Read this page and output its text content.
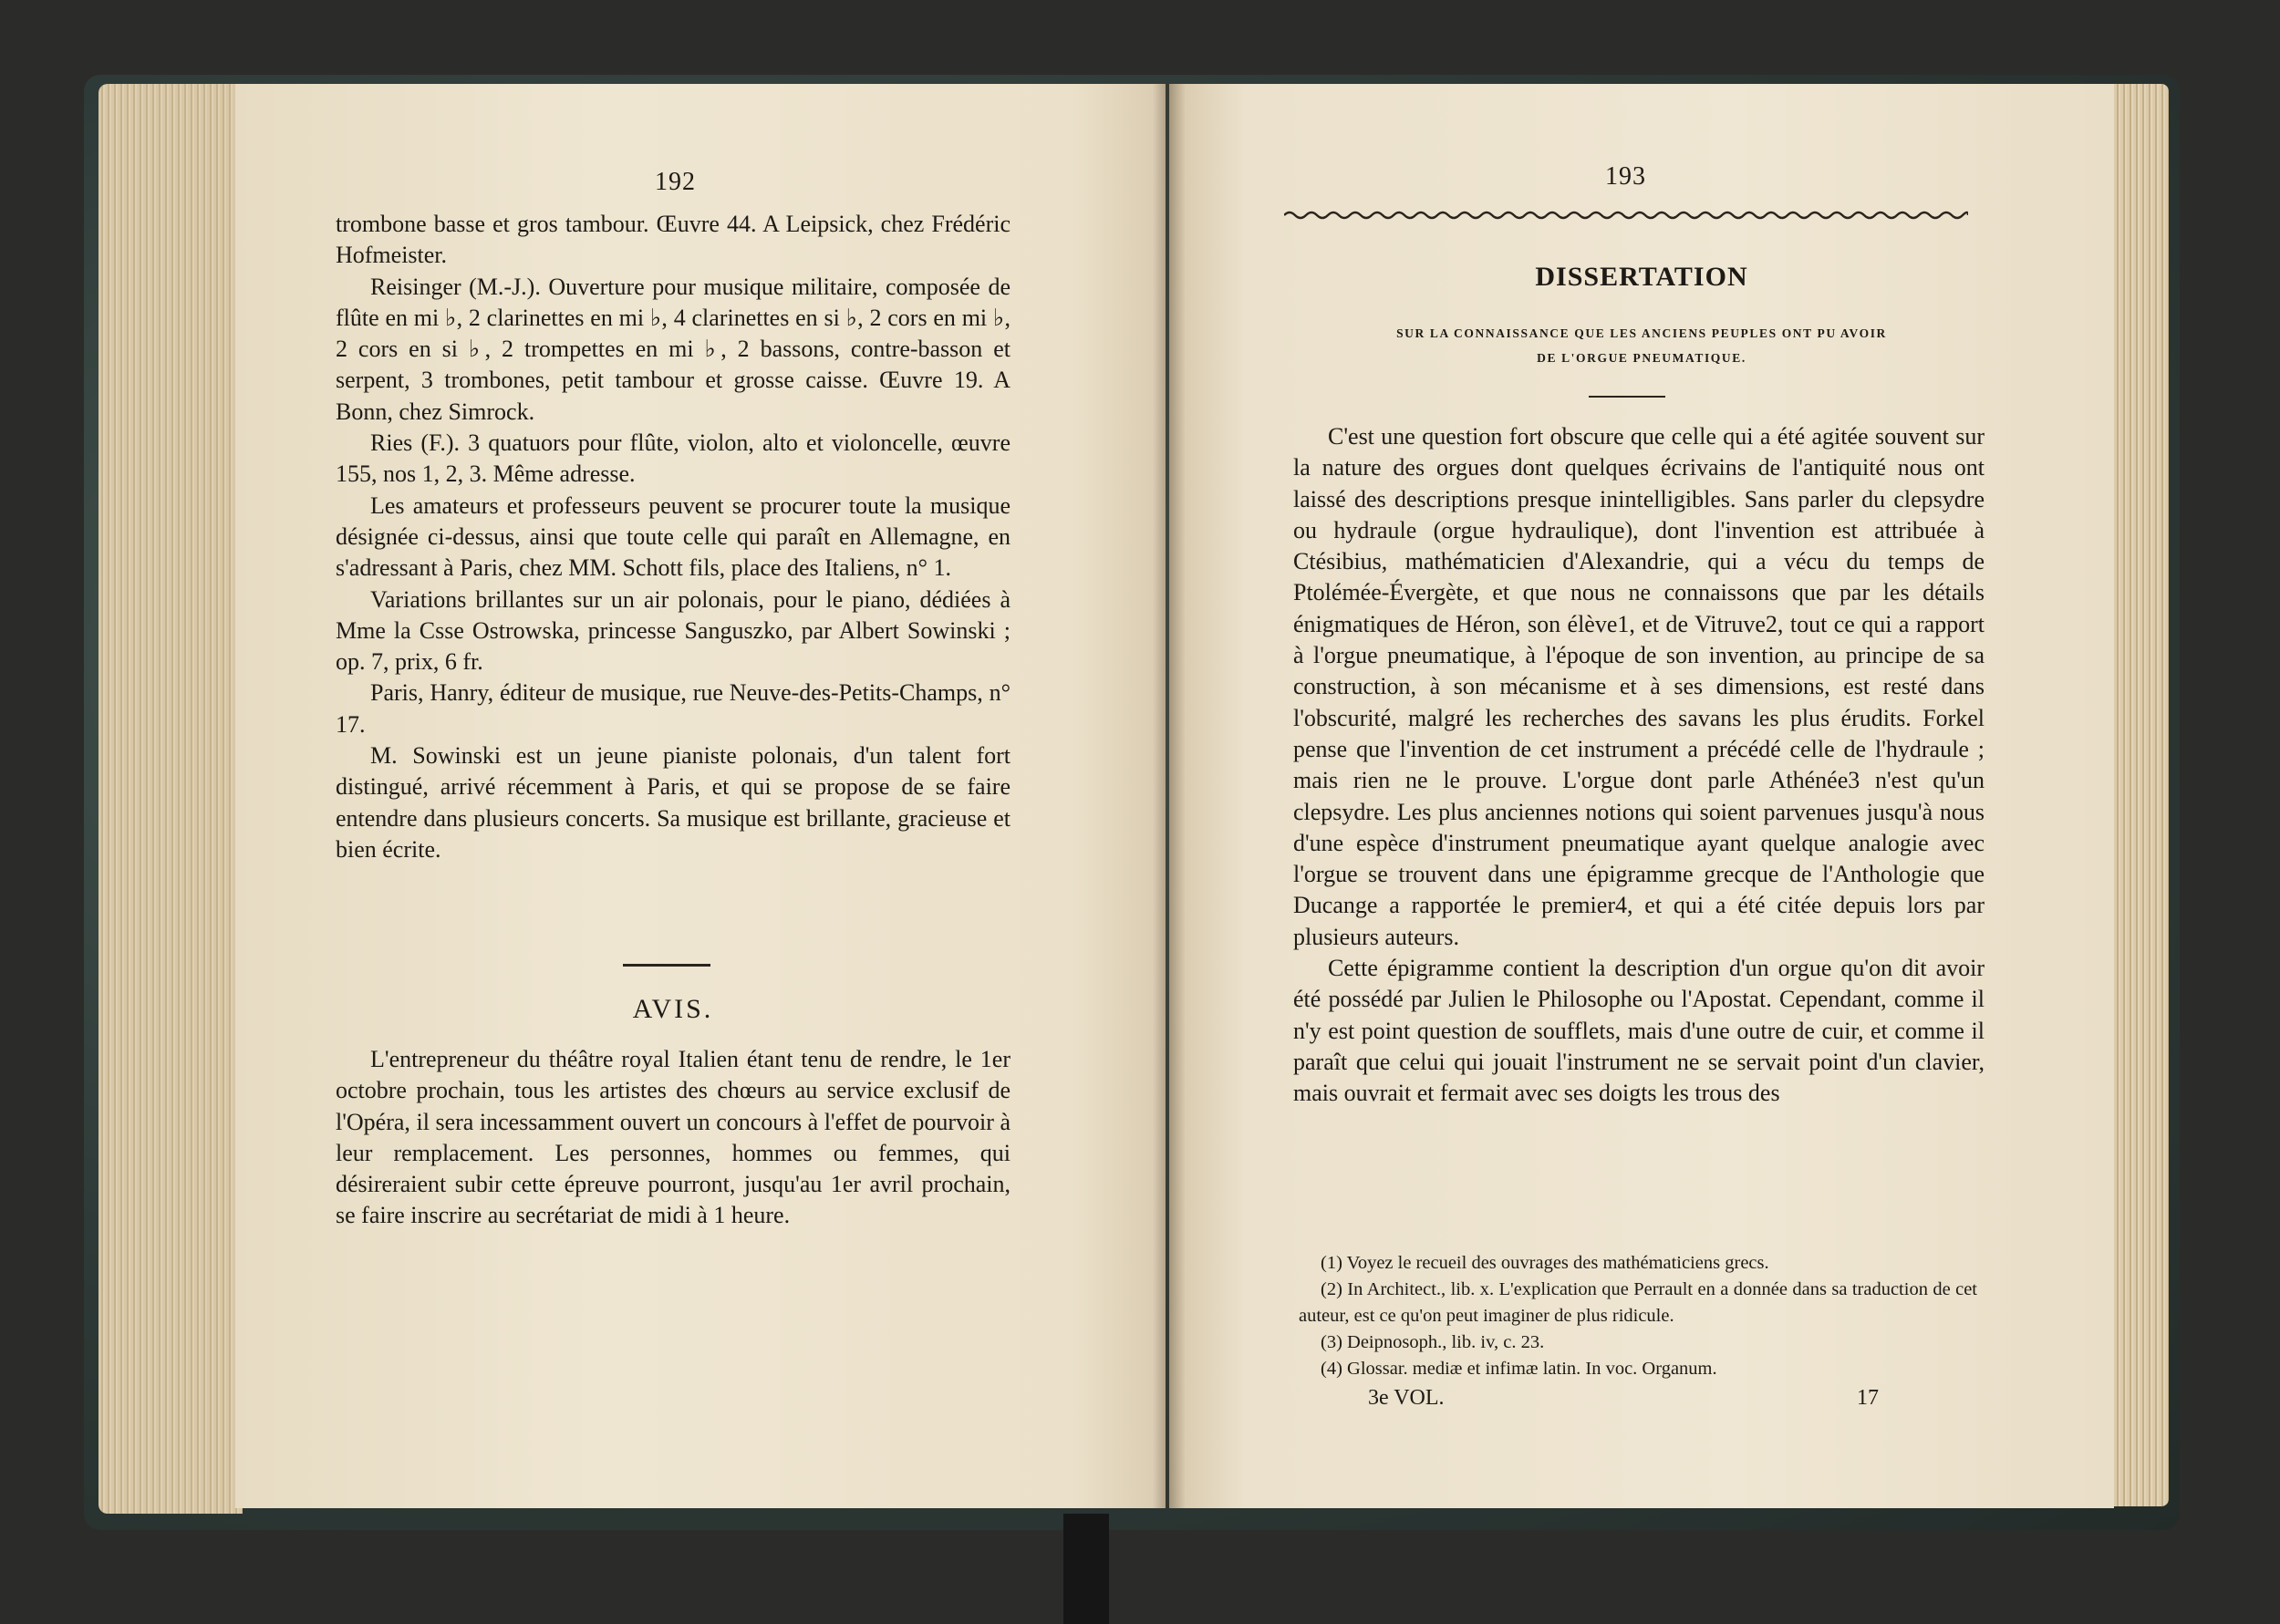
192

trombone basse et gros tambour. Œuvre 44. A Leipsick, chez Frédéric Hofmeister.

Reisinger (M.-J.). Ouverture pour musique militaire, composée de flûte en mi ♭, 2 clarinettes en mi ♭, 4 clarinettes en si ♭, 2 cors en mi ♭, 2 cors en si ♭, 2 trompettes en mi ♭, 2 bassons, contre-basson et serpent, 3 trombones, petit tambour et grosse caisse. Œuvre 19. A Bonn, chez Simrock.

Ries (F.). 3 quatuors pour flûte, violon, alto et violoncelle, œuvre 155, nos 1, 2, 3. Même adresse.

Les amateurs et professeurs peuvent se procurer toute la musique désignée ci-dessus, ainsi que toute celle qui paraît en Allemagne, en s'adressant à Paris, chez MM. Schott fils, place des Italiens, n° 1.

Variations brillantes sur un air polonais, pour le piano, dédiées à Mme la Csse Ostrowska, princesse Sanguszko, par Albert Sowinski ; op. 7, prix, 6 fr.

Paris, Hanry, éditeur de musique, rue Neuve-des-Petits-Champs, n° 17.

M. Sowinski est un jeune pianiste polonais, d'un talent fort distingué, arrivé récemment à Paris, et qui se propose de se faire entendre dans plusieurs concerts. Sa musique est brillante, gracieuse et bien écrite.

AVIS.

L'entrepreneur du théâtre royal Italien étant tenu de rendre, le 1er octobre prochain, tous les artistes des chœurs au service exclusif de l'Opéra, il sera incessamment ouvert un concours à l'effet de pourvoir à leur remplacement. Les personnes, hommes ou femmes, qui désireraient subir cette épreuve pourront, jusqu'au 1er avril prochain, se faire inscrire au secrétariat de midi à 1 heure.

193
DISSERTATION
SUR LA CONNAISSANCE QUE LES ANCIENS PEUPLES ONT PU AVOIR
DE L'ORGUE PNEUMATIQUE.

C'est une question fort obscure que celle qui a été agitée souvent sur la nature des orgues dont quelques écrivains de l'antiquité nous ont laissé des descriptions presque inintelligibles. Sans parler du clepsydre ou hydraule (orgue hydraulique), dont l'invention est attribuée à Ctésibius, mathématicien d'Alexandrie, qui a vécu du temps de Ptolémée-Évergète, et que nous ne connaissons que par les détails énigmatiques de Héron, son élève1, et de Vitruve2, tout ce qui a rapport à l'orgue pneumatique, à l'époque de son invention, au principe de sa construction, à son mécanisme et à ses dimensions, est resté dans l'obscurité, malgré les recherches des savans les plus érudits. Forkel pense que l'invention de cet instrument a précédé celle de l'hydraule ; mais rien ne le prouve. L'orgue dont parle Athénée3 n'est qu'un clepsydre. Les plus anciennes notions qui soient parvenues jusqu'à nous d'une espèce d'instrument pneumatique ayant quelque analogie avec l'orgue se trouvent dans une épigramme grecque de l'Anthologie que Ducange a rapportée le premier4, et qui a été citée depuis lors par plusieurs auteurs.

Cette épigramme contient la description d'un orgue qu'on dit avoir été possédé par Julien le Philosophe ou l'Apostat. Cependant, comme il n'y est point question de soufflets, mais d'une outre de cuir, et comme il paraît que celui qui jouait l'instrument ne se servait point d'un clavier, mais ouvrait et fermait avec ses doigts les trous des

(1) Voyez le recueil des ouvrages des mathématiciens grecs.

(2) In Architect., lib. x. L'explication que Perrault en a donnée dans sa traduction de cet auteur, est ce qu'on peut imaginer de plus ridicule.

(3) Deipnosoph., lib. iv, c. 23.

(4) Glossar. mediæ et infimæ latin. In voc. Organum.

3e VOL.	17
